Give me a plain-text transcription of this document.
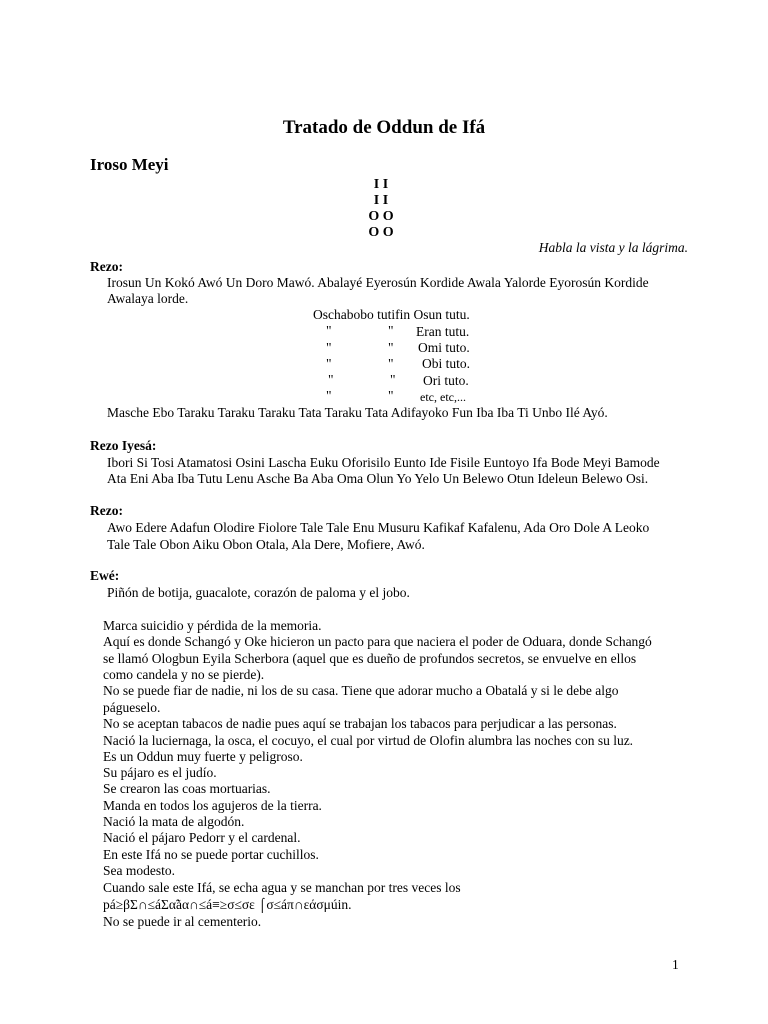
Tratado de Oddun de Ifá
Iroso Meyi
I I
I I
O O
O O
Habla la vista y la lágrima.
Rezo:
Irosun Un Kokó Awó Un Doro Mawó. Abalayé Eyerosún Kordide Awala Yalorde Eyorosún Kordide
Awalaya lorde.
Oschabobo tutifin Osun tutu.
"	" Eran tutu.
"	" Omi tuto.
"	" Obi tuto.
"	" Ori tuto.
"	" etc, etc,...
Masche Ebo Taraku Taraku Taraku Tata Taraku Tata Adifayoko Fun Iba Iba Ti Unbo Ilé Ayó.
Rezo Iyesá:
Ibori Si Tosi Atamatosi Osini Lascha Euku Oforisilo Eunto Ide Fisile Euntoyo Ifa Bode Meyi Bamode
Ata Eni Aba Iba Tutu Lenu Asche Ba Aba Oma Olun Yo Yelo Un Belewo Otun Ideleun Belewo Osi.
Rezo:
Awo Edere Adafun Olodire Fiolore Tale Tale Enu Musuru Kafikaf Kafalenu, Ada Oro Dole A Leoko
Tale Tale Obon Aiku Obon Otala, Ala Dere, Mofiere, Awó.
Ewé:
Piñón de botija, guacalote, corazón de paloma y el jobo.
Marca suicidio y pérdida de la memoria.
Aquí es donde Schangó y Oke hicieron un pacto para que naciera el poder de Oduara, donde Schangó
se llamó Ologbun Eyila Scherbora (aquel que es dueño de profundos secretos, se envuelve en ellos
como candela y no se pierde).
No se puede fiar de nadie, ni los de su casa. Tiene que adorar mucho a Obatalá y si le debe algo
págueselo.
No se aceptan tabacos de nadie pues aquí se trabajan los tabacos para perjudicar a las personas.
Nació la luciernaga, la osca, el cocuyo, el cual por virtud de Olofin alumbra las noches con su luz.
Es un Oddun muy fuerte y peligroso.
Su pájaro es el judío.
Se crearon las coas mortuarias.
Manda en todos los agujeros de la tierra.
Nació la mata de algodón.
Nació el pájaro Pedorr y el cardenal.
En este Ifá no se puede portar cuchillos.
Sea modesto.
Cuando sale este Ifá, se echa agua y se manchan por tres veces los
pá≥βΣ∩≤áΣα̃àα∩≤á≡≥σ≤σε ⌠σ≤áπ∩εάσμúin.
No se puede ir al cementerio.
1
